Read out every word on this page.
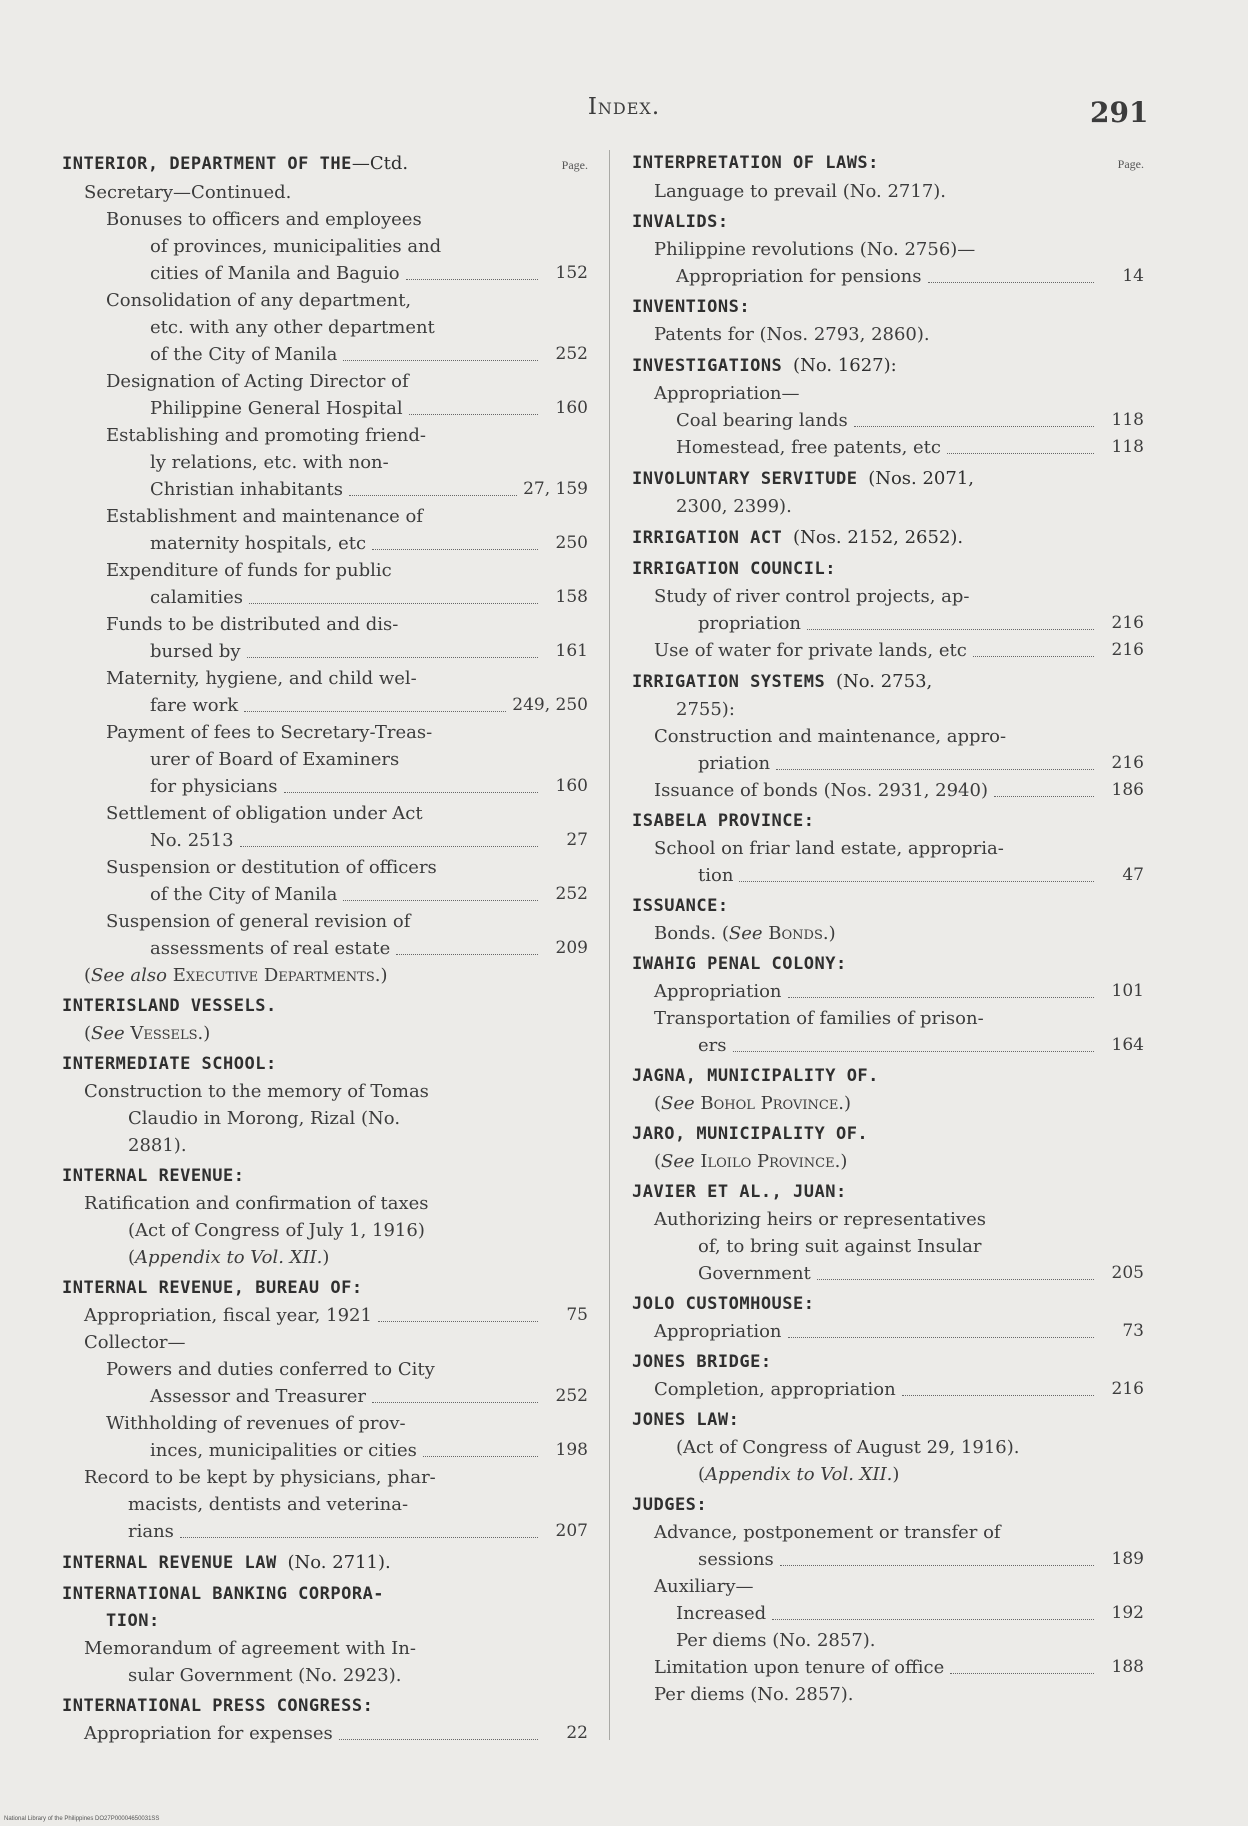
Index.	291
INTERIOR, DEPARTMENT OF THE—Ctd.	Page.
Secretary—Continued.
Bonuses to officers and employees
of provinces, municipalities and
cities of Manila and Baguio	152
Consolidation of any department,
etc. with any other department
of the City of Manila	252
Designation of Acting Director of
Philippine General Hospital	160
Establishing and promoting friend-
ly relations, etc. with non-
Christian inhabitants	27, 159
Establishment and maintenance of
maternity hospitals, etc	250
Expenditure of funds for public
calamities	158
Funds to be distributed and dis-
bursed by	161
Maternity, hygiene, and child wel-
fare work	249, 250
Payment of fees to Secretary-Treas-
urer of Board of Examiners
for physicians	160
Settlement of obligation under Act
No. 2513	27
Suspension or destitution of officers
of the City of Manila	252
Suspension of general revision of
assessments of real estate	209
(See also Executive Departments.)
INTERISLAND VESSELS.
(See Vessels.)
INTERMEDIATE SCHOOL:
Construction to the memory of Tomas
Claudio in Morong, Rizal (No.
2881).
INTERNAL REVENUE:
Ratification and confirmation of taxes
(Act of Congress of July 1, 1916)
(Appendix to Vol. XII.)
INTERNAL REVENUE, BUREAU OF:
Appropriation, fiscal year, 1921	75
Collector—
Powers and duties conferred to City
Assessor and Treasurer	252
Withholding of revenues of prov-
inces, municipalities or cities	198
Record to be kept by physicians, phar-
macists, dentists and veterina-
rians	207
INTERNAL REVENUE LAW (No. 2711).
INTERNATIONAL BANKING CORPORA-
TION:
Memorandum of agreement with In-
sular Government (No. 2923).
INTERNATIONAL PRESS CONGRESS:
Appropriation for expenses	22
INTERPRETATION OF LAWS:	Page.
Language to prevail (No. 2717).
INVALIDS:
Philippine revolutions (No. 2756)—
Appropriation for pensions	14
INVENTIONS:
Patents for (Nos. 2793, 2860).
INVESTIGATIONS (No. 1627):
Appropriation—
Coal bearing lands	118
Homestead, free patents, etc	118
INVOLUNTARY SERVITUDE (Nos. 2071,
2300, 2399).
IRRIGATION ACT (Nos. 2152, 2652).
IRRIGATION COUNCIL:
Study of river control projects, ap-
propriation	216
Use of water for private lands, etc	216
IRRIGATION SYSTEMS (No. 2753,
2755):
Construction and maintenance, appro-
priation	216
Issuance of bonds (Nos. 2931, 2940)	186
ISABELA PROVINCE:
School on friar land estate, appropria-
tion	47
ISSUANCE:
Bonds. (See Bonds.)
IWAHIG PENAL COLONY:
Appropriation	101
Transportation of families of prison-
ers	164
JAGNA, MUNICIPALITY OF.
(See Bohol Province.)
JARO, MUNICIPALITY OF.
(See Iloilo Province.)
JAVIER ET AL., JUAN:
Authorizing heirs or representatives
of, to bring suit against Insular
Government	205
JOLO CUSTOMHOUSE:
Appropriation	73
JONES BRIDGE:
Completion, appropriation	216
JONES LAW:
(Act of Congress of August 29, 1916).
(Appendix to Vol. XII.)
JUDGES:
Advance, postponement or transfer of
sessions	189
Auxiliary—
Increased	192
Per diems (No. 2857).
Limitation upon tenure of office	188
Per diems (No. 2857).
National Library of the Philippines DO27P00004650031SS
